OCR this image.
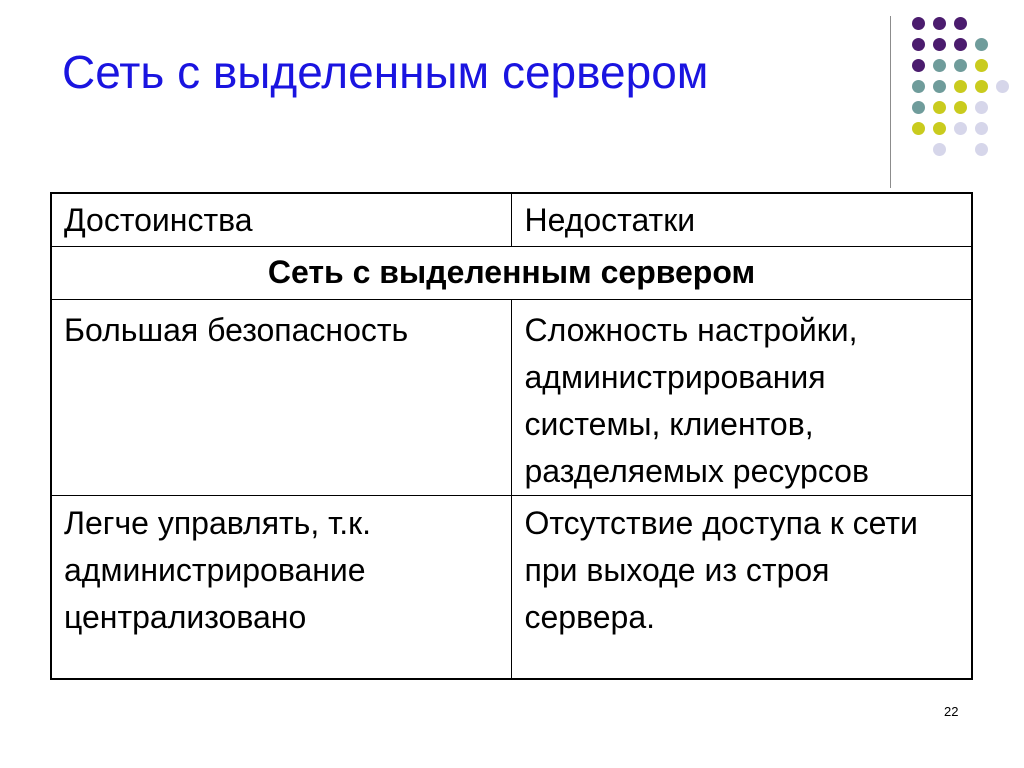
Сеть с выделенным сервером
Достоинства	Недостатки
Сеть с выделенным сервером	
Большая безопасность	Сложность настройки, администрирования системы, клиентов, разделяемых ресурсов
Легче управлять, т.к. администрирование централизовано	Отсутствие доступа к сети при выходе из строя сервера.
22
